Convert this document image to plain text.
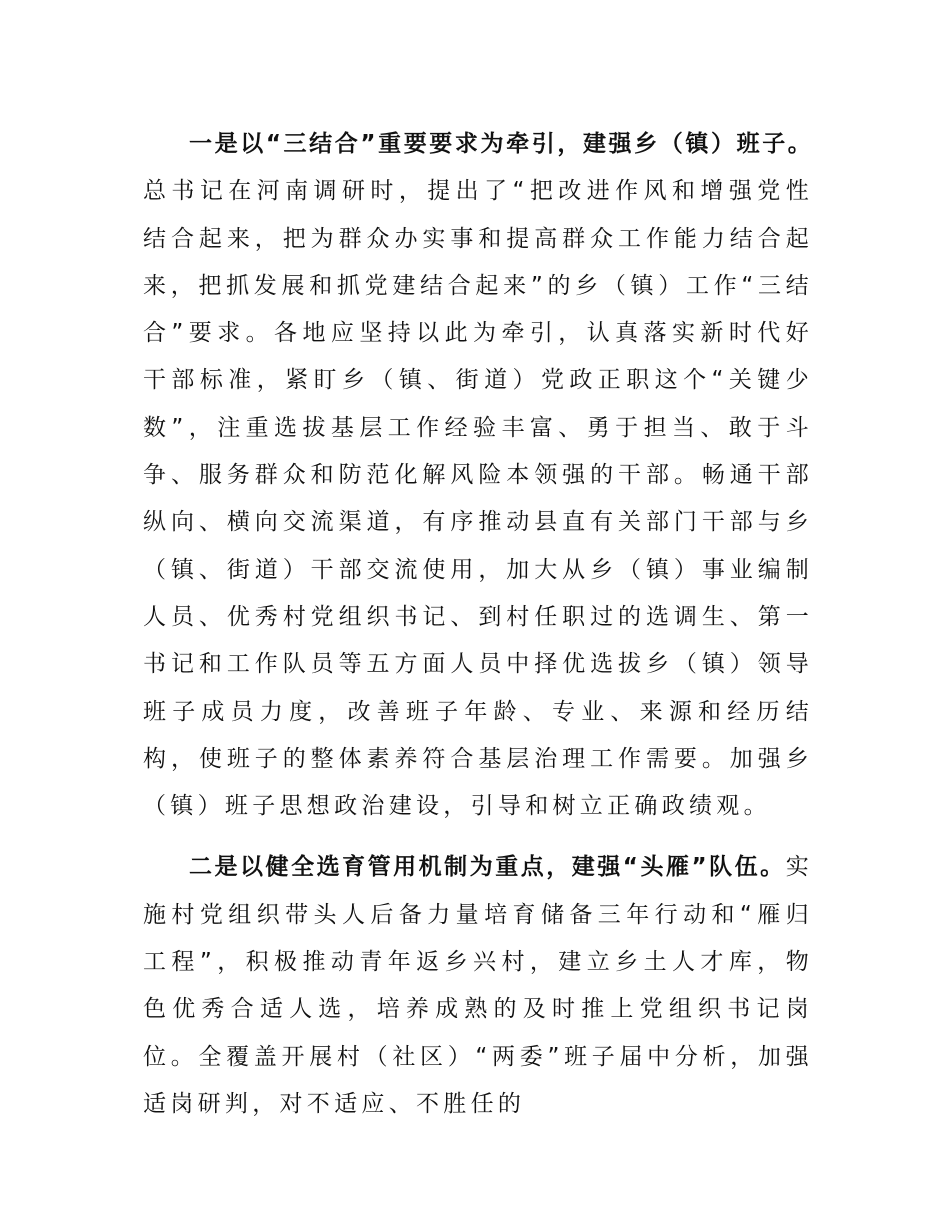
一是以“三结合”重要要求为牵引，建强乡（镇）班子。总书记在河南调研时，提出了“把改进作风和增强党性结合起来，把为群众办实事和提高群众工作能力结合起来，把抓发展和抓党建结合起来”的乡（镇）工作“三结合”要求。各地应坚持以此为牵引，认真落实新时代好干部标准，紧盯乡（镇、街道）党政正职这个“关键少数”，注重选拔基层工作经验丰富、勇于担当、敢于斗争、服务群众和防范化解风险本领强的干部。畅通干部纵向、横向交流渠道，有序推动县直有关部门干部与乡（镇、街道）干部交流使用，加大从乡（镇）事业编制人员、优秀村党组织书记、到村任职过的选调生、第一书记和工作队员等五方面人员中择优选拔乡（镇）领导班子成员力度，改善班子年龄、专业、来源和经历结构，使班子的整体素养符合基层治理工作需要。加强乡（镇）班子思想政治建设，引导和树立正确政绩观。

二是以健全选育管用机制为重点，建强“头雁”队伍。实施村党组织带头人后备力量培育储备三年行动和“雁归工程”，积极推动青年返乡兴村，建立乡土人才库，物色优秀合适人选，培养成熟的及时推上党组织书记岗位。全覆盖开展村（社区）“两委”班子届中分析，加强适岗研判，对不适应、不胜任的
